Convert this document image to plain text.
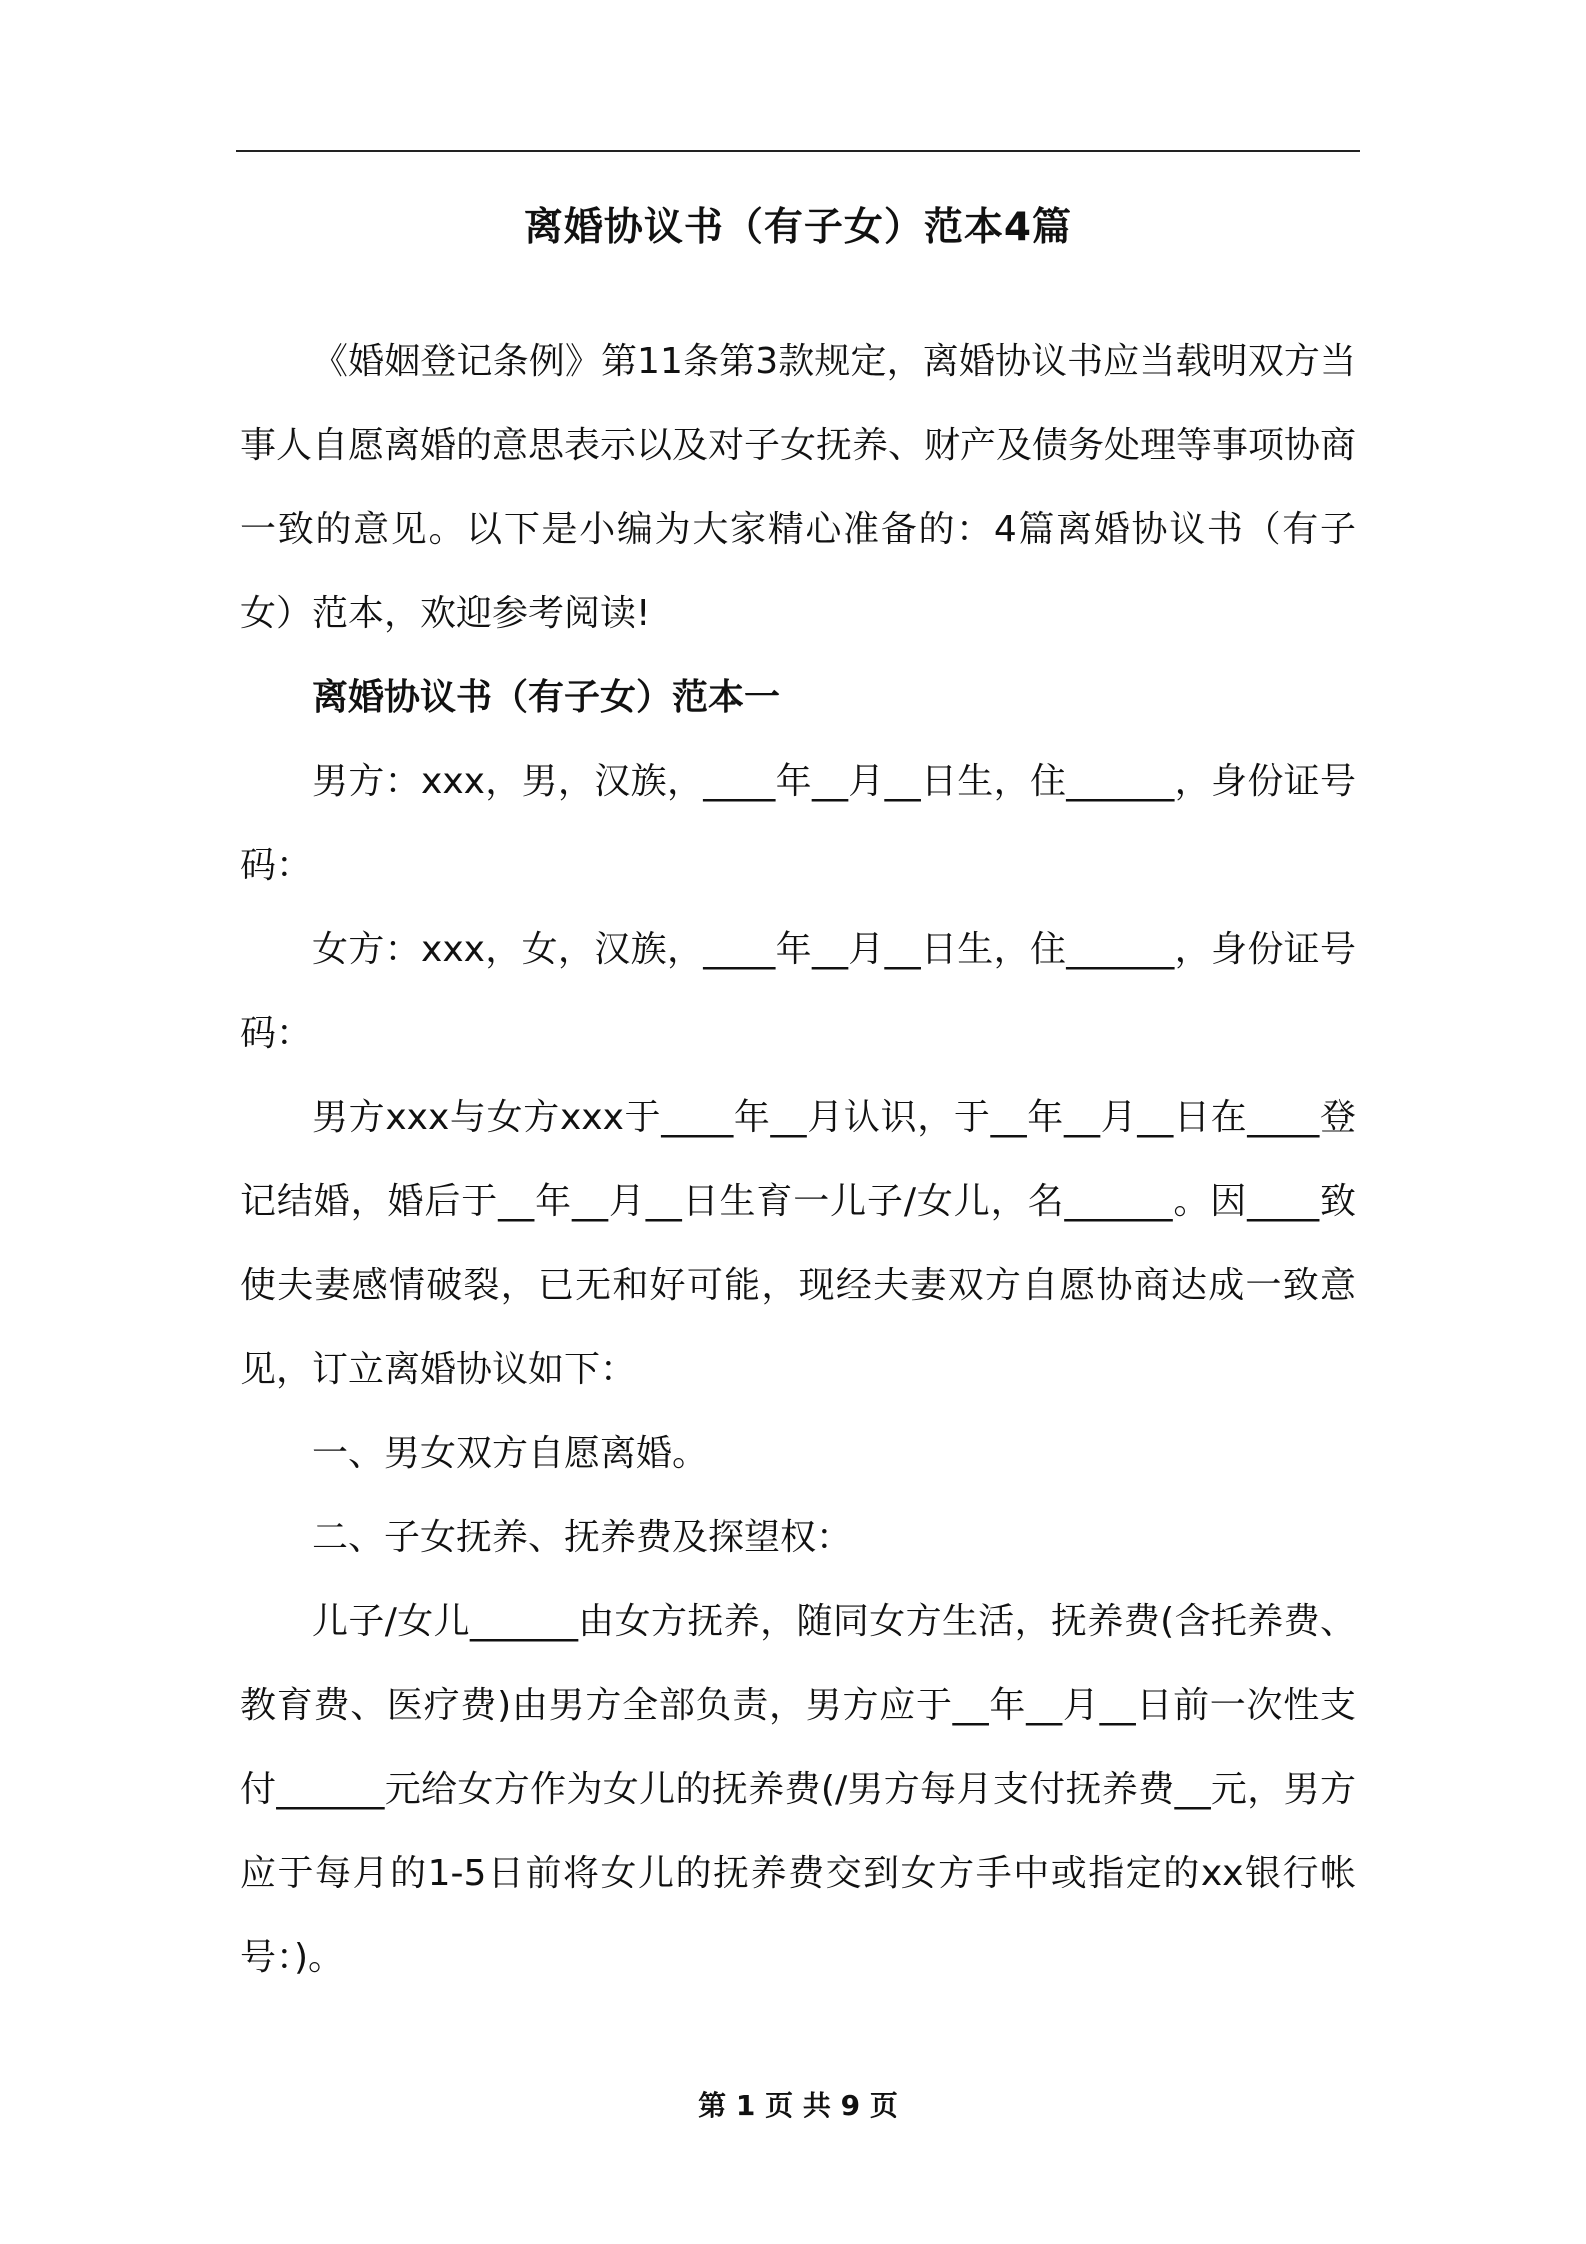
离婚协议书（有子女）范本4篇

《婚姻登记条例》第11条第3款规定，离婚协议书应当载明双方当事人自愿离婚的意思表示以及对子女抚养、财产及债务处理等事项协商一致的意见。以下是小编为大家精心准备的：4篇离婚协议书（有子女）范本，欢迎参考阅读!

离婚协议书（有子女）范本一

男方：xxx，男，汉族，____年__月__日生，住______，身份证号码：

女方：xxx，女，汉族，____年__月__日生，住______，身份证号码：

男方xxx与女方xxx于____年__月认识，于__年__月__日在____登记结婚，婚后于__年__月__日生育一儿子/女儿，名______。因____致使夫妻感情破裂，已无和好可能，现经夫妻双方自愿协商达成一致意见，订立离婚协议如下：

一、男女双方自愿离婚。

二、子女抚养、抚养费及探望权：

儿子/女儿______由女方抚养，随同女方生活，抚养费(含托养费、教育费、医疗费)由男方全部负责，男方应于__年__月__日前一次性支付______元给女方作为女儿的抚养费(/男方每月支付抚养费__元，男方应于每月的1-5日前将女儿的抚养费交到女方手中或指定的xx银行帐号：)。

第 1 页 共 9 页
